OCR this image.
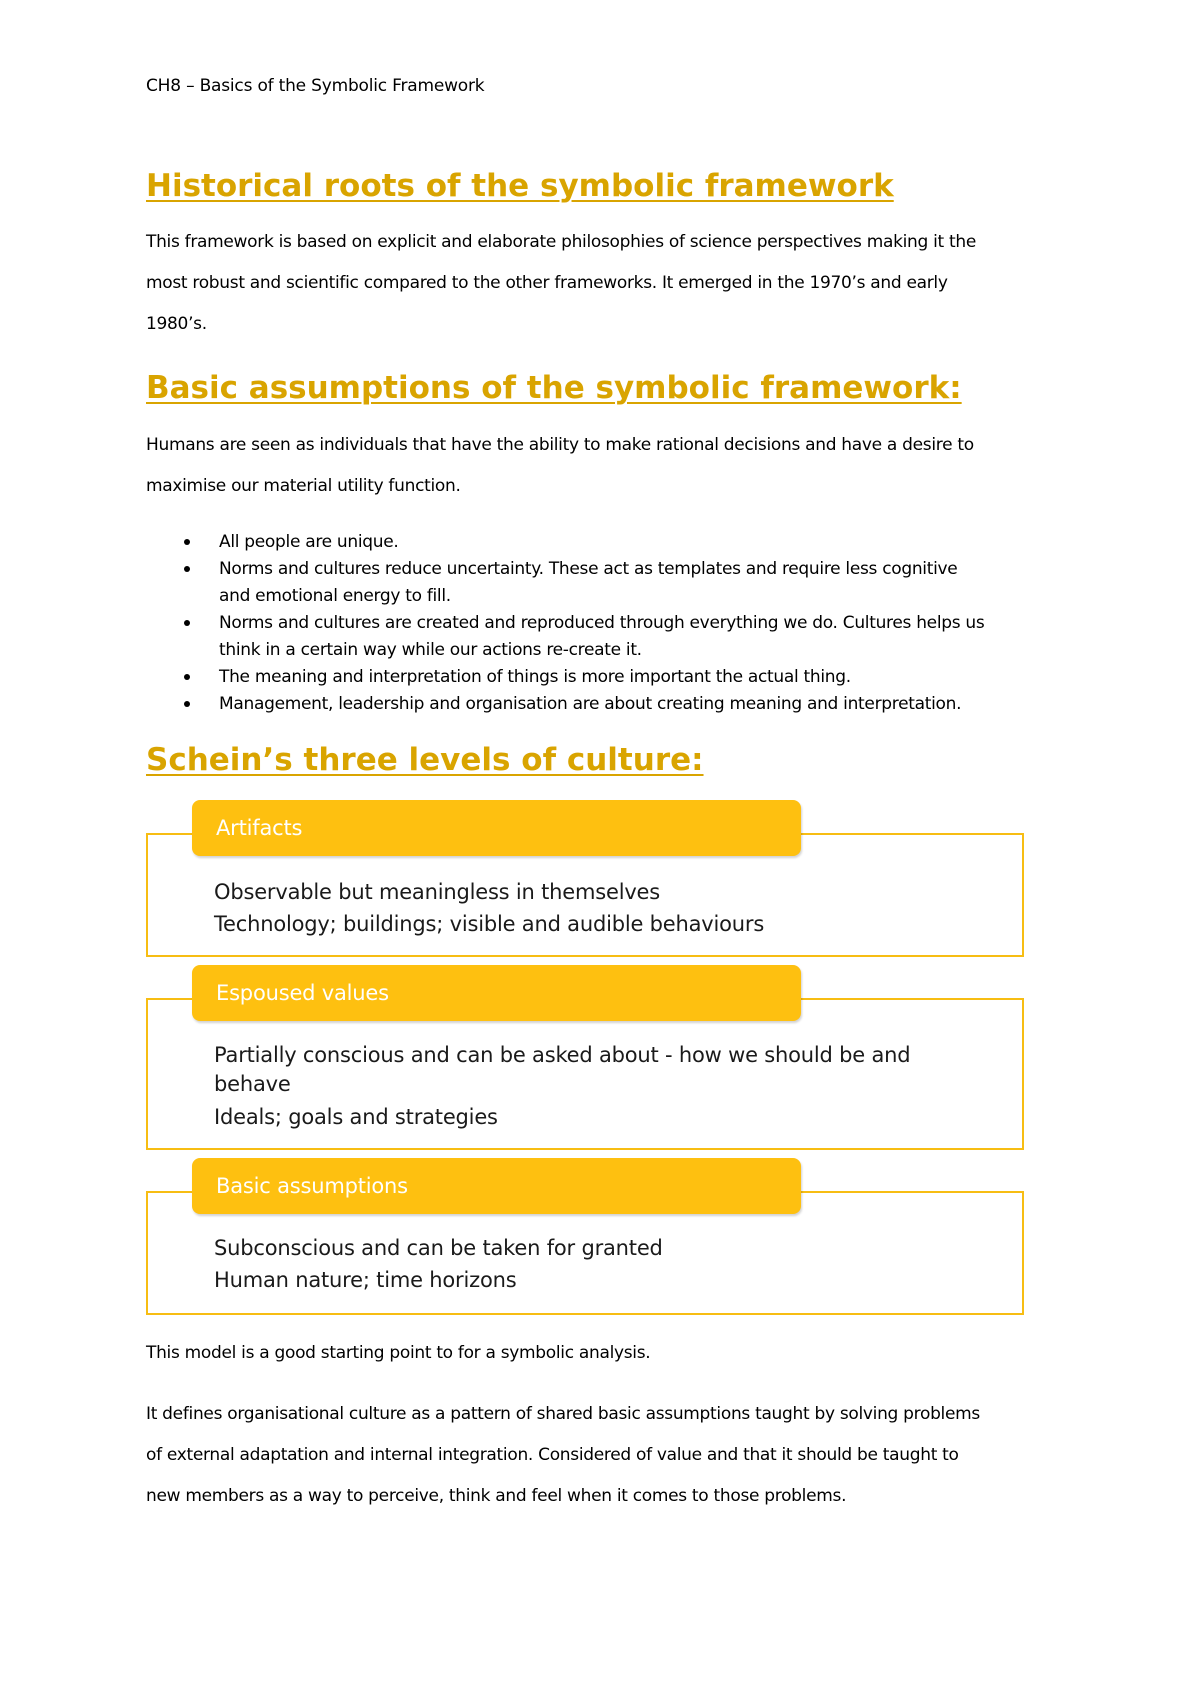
CH8 – Basics of the Symbolic Framework
Historical roots of the symbolic framework
This framework is based on explicit and elaborate philosophies of science perspectives making it the
most robust and scientific compared to the other frameworks. It emerged in the 1970’s and early
1980’s.
Basic assumptions of the symbolic framework:
Humans are seen as individuals that have the ability to make rational decisions and have a desire to
maximise our material utility function.
All people are unique.
Norms and cultures reduce uncertainty. These act as templates and require less cognitive
and emotional energy to fill.
Norms and cultures are created and reproduced through everything we do. Cultures helps us
think in a certain way while our actions re-create it.
The meaning and interpretation of things is more important the actual thing.
Management, leadership and organisation are about creating meaning and interpretation.
Schein’s three levels of culture:
Artifacts
Observable but meaningless in themselves
Technology; buildings; visible and audible behaviours
Espoused values
Partially conscious and can be asked about - how we should be and
behave
Ideals; goals and strategies
Basic assumptions
Subconscious and can be taken for granted
Human nature; time horizons
This model is a good starting point to for a symbolic analysis.
It defines organisational culture as a pattern of shared basic assumptions taught by solving problems
of external adaptation and internal integration. Considered of value and that it should be taught to
new members as a way to perceive, think and feel when it comes to those problems.
